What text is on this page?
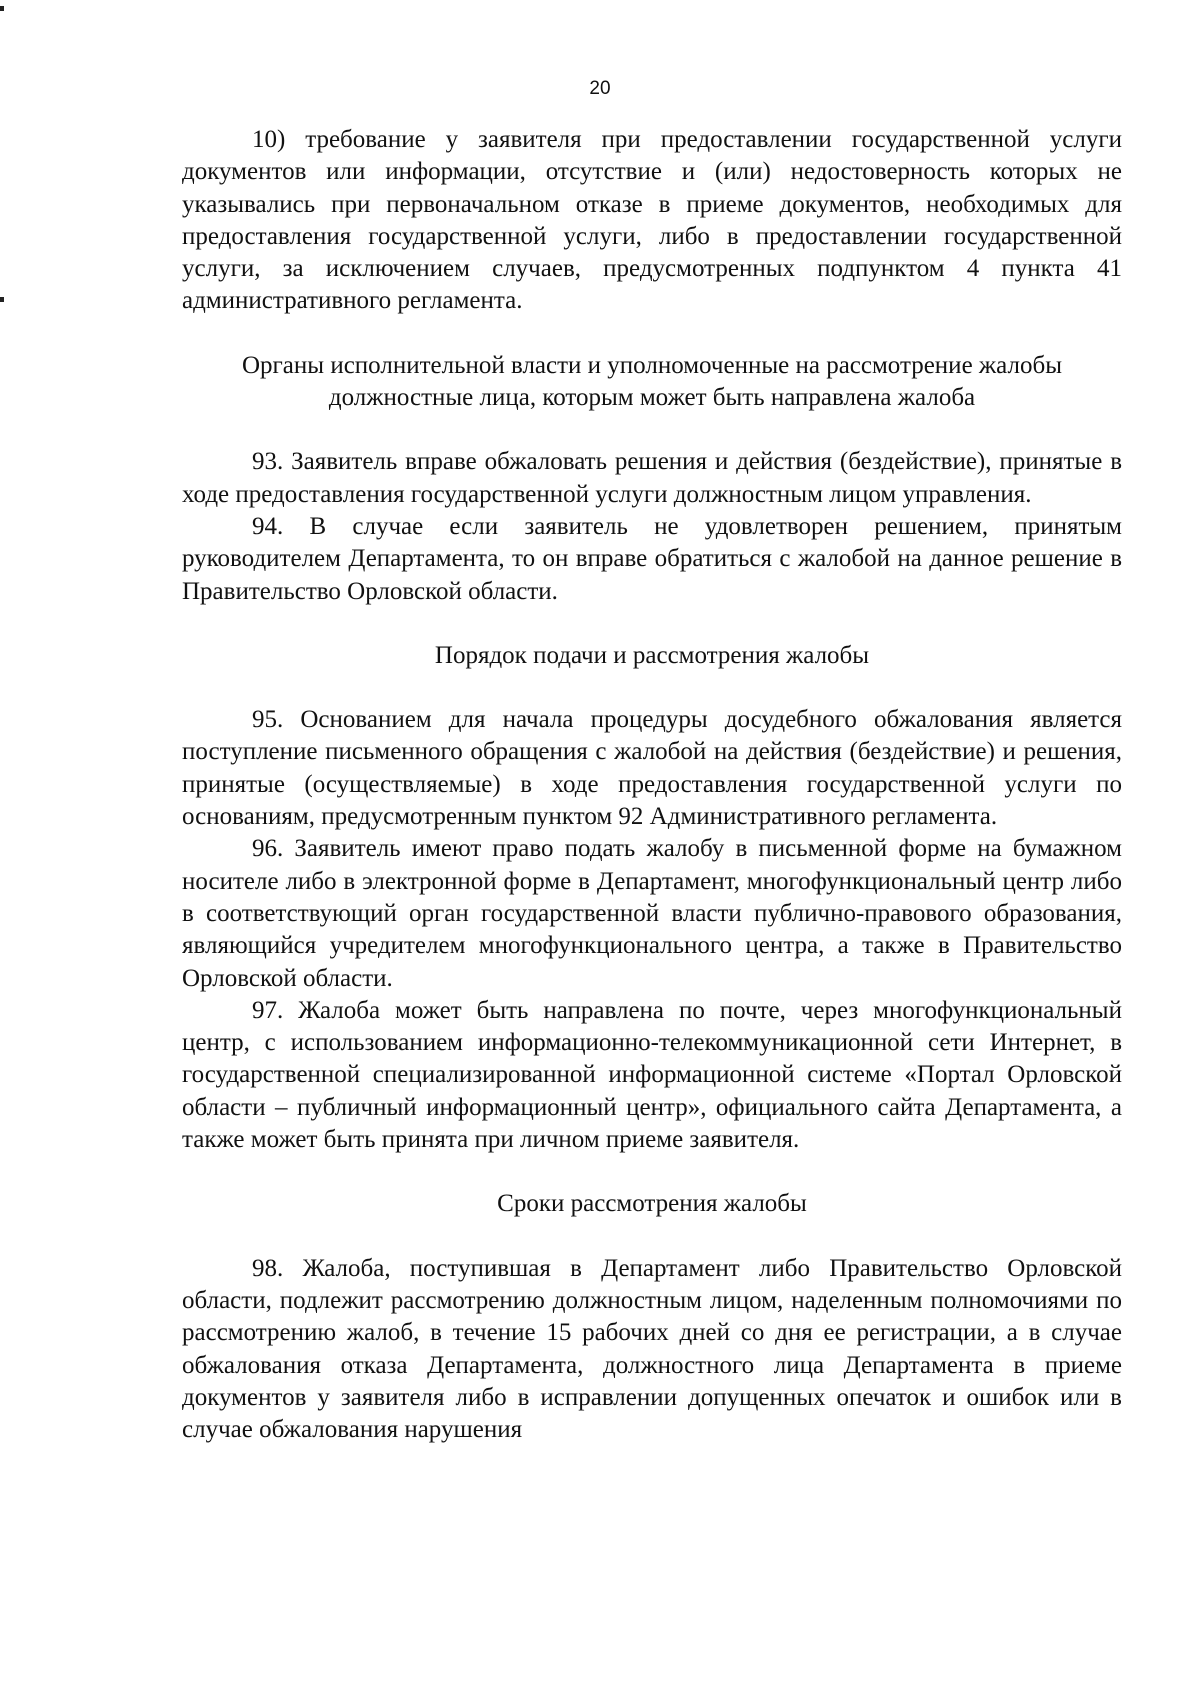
20

10) требование у заявителя при предоставлении государственной услуги документов или информации, отсутствие и (или) недостоверность которых не указывались при первоначальном отказе в приеме документов, необходимых для предоставления государственной услуги, либо в предоставлении государственной услуги, за исключением случаев, предусмотренных подпунктом 4 пункта 41 административного регламента.

Органы исполнительной власти и уполномоченные на рассмотрение жалобы должностные лица, которым может быть направлена жалоба

93. Заявитель вправе обжаловать решения и действия (бездействие), принятые в ходе предоставления государственной услуги должностным лицом управления.

94. В случае если заявитель не удовлетворен решением, принятым руководителем Департамента, то он вправе обратиться с жалобой на данное решение в Правительство Орловской области.

Порядок подачи и рассмотрения жалобы

95. Основанием для начала процедуры досудебного обжалования является поступление письменного обращения с жалобой на действия (бездействие) и решения, принятые (осуществляемые) в ходе предоставления государственной услуги по основаниям, предусмотренным пунктом 92 Административного регламента.

96. Заявитель имеют право подать жалобу в письменной форме на бумажном носителе либо в электронной форме в Департамент, многофункциональный центр либо в соответствующий орган государственной власти публично-правового образования, являющийся учредителем многофункционального центра, а также в Правительство Орловской области.

97. Жалоба может быть направлена по почте, через многофункциональный центр, с использованием информационно-телекоммуникационной сети Интернет, в государственной специализированной информационной системе «Портал Орловской области – публичный информационный центр», официального сайта Департамента, а также может быть принята при личном приеме заявителя.

Сроки рассмотрения жалобы

98. Жалоба, поступившая в Департамент либо Правительство Орловской области, подлежит рассмотрению должностным лицом, наделенным полномочиями по рассмотрению жалоб, в течение 15 рабочих дней со дня ее регистрации, а в случае обжалования отказа Департамента, должностного лица Департамента в приеме документов у заявителя либо в исправлении допущенных опечаток и ошибок или в случае обжалования нарушения
